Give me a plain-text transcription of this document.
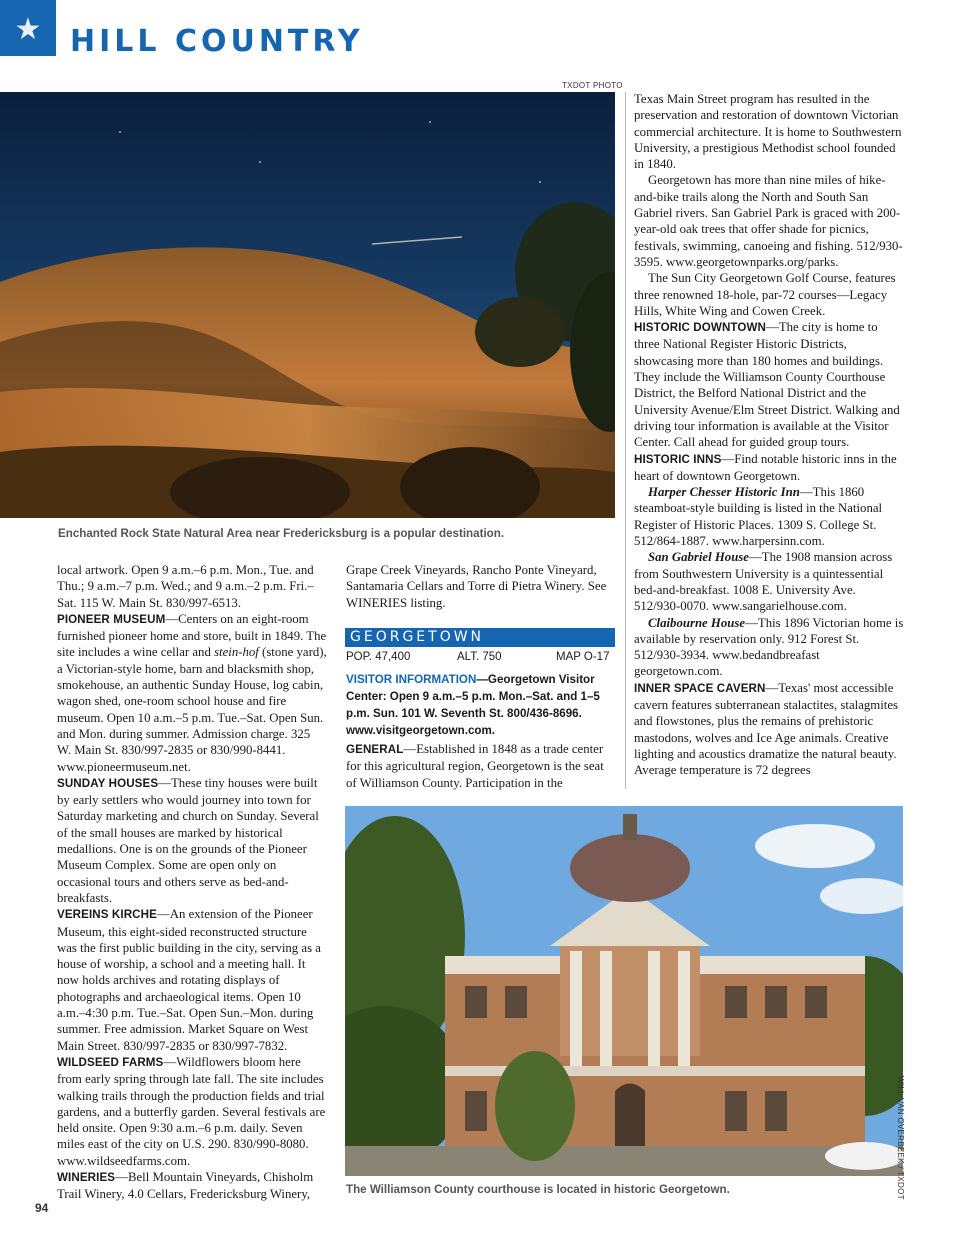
★ HILL COUNTRY
TXDOT PHOTO
Enchanted Rock State Natural Area near Fredericksburg is a popular destination.

local artwork. Open 9 a.m.–6 p.m. Mon., Tue. and Thu.; 9 a.m.–7 p.m. Wed.; and 9 a.m.–2 p.m. Fri.–Sat. 115 W. Main St. 830/997-6513.

PIONEER MUSEUM—Centers on an eight-room furnished pioneer home and store, built in 1849. The site includes a wine cellar and stein-hof (stone yard), a Victorian-style home, barn and blacksmith shop, smokehouse, an authentic Sunday House, log cabin, wagon shed, one-room school house and fire museum. Open 10 a.m.–5 p.m. Tue.–Sat. Open Sun. and Mon. during summer. Admission charge. 325 W. Main St. 830/997-2835 or 830/990-8441. www.pioneermuseum.net.

SUNDAY HOUSES—These tiny houses were built by early settlers who would journey into town for Saturday marketing and church on Sunday. Several of the small houses are marked by historical medallions. One is on the grounds of the Pioneer Museum Complex. Some are open only on occasional tours and others serve as bed-and-breakfasts.

VEREINS KIRCHE—An extension of the Pioneer Museum, this eight-sided reconstructed structure was the first public building in the city, serving as a house of worship, a school and a meeting hall. It now holds archives and rotating displays of photographs and archaeological items. Open 10 a.m.–4:30 p.m. Tue.–Sat. Open Sun.–Mon. during summer. Free admission. Market Square on West Main Street. 830/997-2835 or 830/997-7832.

WILDSEED FARMS—Wildflowers bloom here from early spring through late fall. The site includes walking trails through the production fields and trial gardens, and a butterfly garden. Several festivals are held onsite. Open 9:30 a.m.–6 p.m. daily. Seven miles east of the city on U.S. 290. 830/990-8080. www.wildseedfarms.com.

WINERIES—Bell Mountain Vineyards, Chisholm Trail Winery, 4.0 Cellars, Fredericksburg Winery,

Grape Creek Vineyards, Rancho Ponte Vineyard, Santamaria Cellars and Torre di Pietra Winery. See WINERIES listing.

GEORGETOWN
POP. 47,400	ALT. 750	MAP O-17
VISITOR INFORMATION—Georgetown Visitor Center: Open 9 a.m.–5 p.m. Mon.–Sat. and 1–5 p.m. Sun. 101 W. Seventh St. 800/436-8696. www.visitgeorgetown.com.

GENERAL—Established in 1848 as a trade center for this agricultural region, Georgetown is the seat of Williamson County. Participation in the

Texas Main Street program has resulted in the preservation and restoration of downtown Victorian commercial architecture. It is home to Southwestern University, a prestigious Methodist school founded in 1840.

Georgetown has more than nine miles of hike-and-bike trails along the North and South San Gabriel rivers. San Gabriel Park is graced with 200-year-old oak trees that offer shade for picnics, festivals, swimming, canoeing and fishing. 512/930-3595. www.georgetownparks.org/parks.

The Sun City Georgetown Golf Course, features three renowned 18-hole, par-72 courses—Legacy Hills, White Wing and Cowen Creek.

HISTORIC DOWNTOWN—The city is home to three National Register Historic Districts, showcasing more than 180 homes and buildings. They include the Williamson County Courthouse District, the Belford National District and the University Avenue/Elm Street District. Walking and driving tour information is available at the Visitor Center. Call ahead for guided group tours.

HISTORIC INNS—Find notable historic inns in the heart of downtown Georgetown.

Harper Chesser Historic Inn—This 1860 steamboat-style building is listed in the National Register of Historic Places. 1309 S. College St. 512/864-1887. www.harpersinn.com.

San Gabriel House—The 1908 mansion across from Southwestern University is a quintessential bed-and-breakfast. 1008 E. University Ave. 512/930-0070. www.sangarielhouse.com.

Claibourne House—This 1896 Victorian home is available by reservation only. 912 Forest St. 512/930-3934. www.bedandbreafast georgetown.com.

INNER SPACE CAVERN—Texas' most accessible cavern features subterranean stalactites, stalagmites and flowstones, plus the remains of prehistoric mastodons, wolves and Ice Age animals. Creative lighting and acoustics dramatize the natural beauty. Average temperature is 72 degrees

WILL VAN OVERBEEK / TXDOT
The Williamson County courthouse is located in historic Georgetown.
94
